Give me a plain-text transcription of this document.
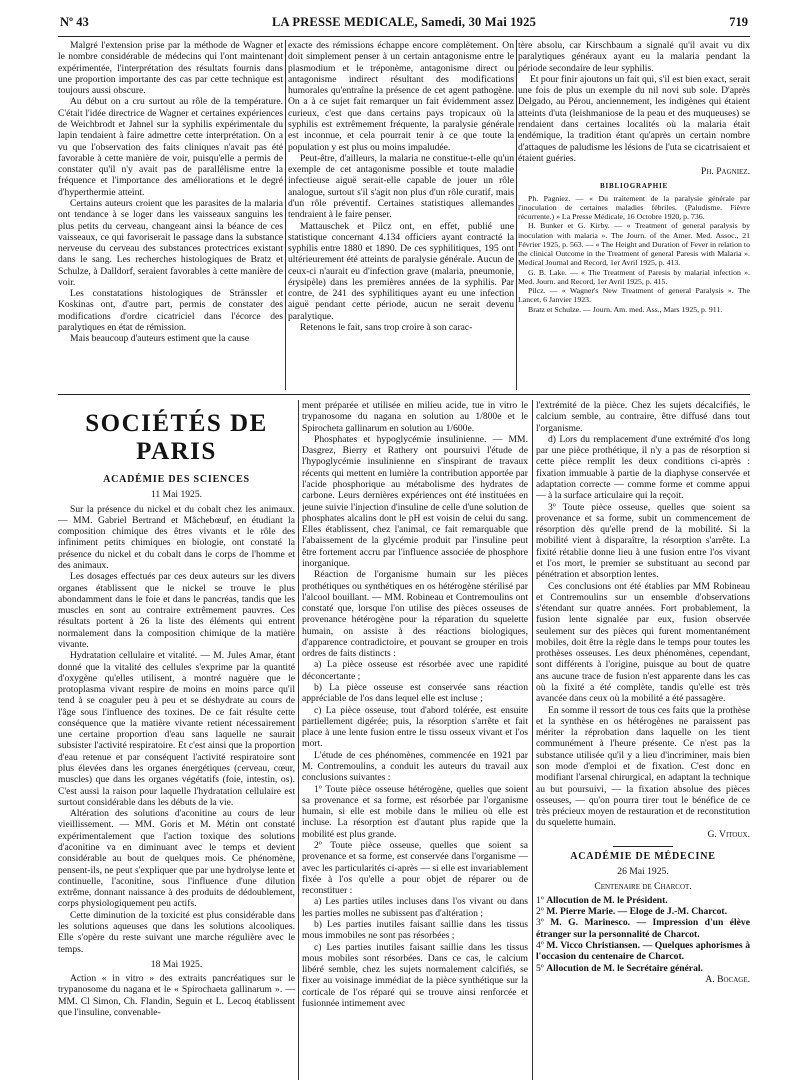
Nº 43	LA PRESSE MEDICALE, Samedi, 30 Mai 1925	719

Malgré l'extension prise par la méthode de Wagner et le nombre considérable de médecins qui l'ont maintenant expérimentée, l'interprétation des résultats fournis dans une proportion importante des cas par cette technique est toujours aussi obscure.

Au début on a cru surtout au rôle de la température. C'était l'idée directrice de Wagner et certaines expériences de Weichbrodt et Jahnel sur la syphilis expérimentale du lapin tendaient à faire admettre cette interprétation. On a vu que l'observation des faits cliniques n'avait pas été favorable à cette manière de voir, puisqu'elle a permis de constater qu'il n'y avait pas de parallélisme entre la fréquence et l'importance des améliorations et le degré d'hyperthermie atteint.

Certains auteurs croient que les parasites de la malaria ont tendance à se loger dans les vaisseaux sanguins les plus petits du cerveau, changeant ainsi la béance de ces vaisseaux, ce qui favoriserait le passage dans la substance nerveuse du cerveau des substances protectrices existant dans le sang. Les recherches histologiques de Bratz et Schulze, à Dalldorf, seraient favorables à cette manière de voir.

Les constatations histologiques de Stränssler et Koskinas ont, d'autre part, permis de constater des modifications d'ordre cicatriciel dans l'écorce des paralytiques en état de rémission.

Mais beaucoup d'auteurs estiment que la cause

exacte des rémissions échappe encore complètement. On doit simplement penser à un certain antagonisme entre le plasmodium et le tréponème, antagonisme direct ou antagonisme indirect résultant des modifications humorales qu'entraîne la présence de cet agent pathogène. On a à ce sujet fait remarquer un fait évidemment assez curieux, c'est que dans certains pays tropicaux où la syphilis est extrêmement fréquente, la paralysie générale est inconnue, et cela pourrait tenir à ce que toute la population y est plus ou moins impaludée.

Peut-être, d'ailleurs, la malaria ne constitue-t-elle qu'un exemple de cet antagonisme possible et toute maladie infectieuse aiguë serait-elle capable de jouer un rôle analogue, surtout s'il s'agit non plus d'un rôle curatif, mais d'un rôle préventif. Certaines statistiques allemandes tendraient à le faire penser.

Mattauschek et Pilcz ont, en effet, publié une statistique concernant 4.134 officiers ayant contracté la syphilis entre 1880 et 1890. De ces syphilitiques, 195 ont ultérieurement été atteints de paralysie générale. Aucun de ceux-ci n'aurait eu d'infection grave (malaria, pneumonie, érysipèle) dans les premières années de la syphilis. Par contre, de 241 des syphilitiques ayant eu une infection aiguë pendant cette période, aucun ne serait devenu paralytique.

Retenons le fait, sans trop croire à son carac-

tère absolu, car Kirschbaum a signalé qu'il avait vu dix paralytiques généraux ayant eu la malaria pendant la période secondaire de leur syphilis.

Et pour finir ajoutons un fait qui, s'il est bien exact, serait une fois de plus un exemple du nil novi sub sole. D'après Delgado, au Pérou, anciennement, les indigènes qui étaient atteints d'uta (leishmaniose de la peau et des muqueuses) se rendaient dans certaines localités où la malaria était endémique, la tradition étant qu'après un certain nombre d'attaques de paludisme les lésions de l'uta se cicatrisaient et étaient guéries.

Ph. Pagniez.
BIBLIOGRAPHIE

Ph. Pagniez. — « Du traitement de la paralysie générale par l'inoculation de certaines maladies fébriles. (Paludisme. Fièvre récurrente.) » La Presse Médicale, 16 Octobre 1920, p. 736.

H. Bunker et G. Kirby. — « Treatment of general paralysis by inoculation with malaria ». The Journ. of the Amer. Med. Assoc., 21 Février 1925, p. 563. — « The Height and Duration of Fever in relation to the clinical Outcome in the Treatment of general Paresis with Malaria ». Medical Journal and Record, 1er Avril 1925, p. 413.

G. B. Lake. — « The Treatment of Paresis by malarial infection ». Med. Journ. and Record, 1er Avril 1925, p. 415.

Pilcz. — « Wagner's New Treatment of general Paralysis ». The Lancet, 6 Janvier 1923.

Bratz et Schulze. — Journ. Am. med. Ass., Mars 1925, p. 911.

SOCIÉTÉS DE PARIS
ACADÉMIE DES SCIENCES
11 Mai 1925.

Sur la présence du nickel et du cobalt chez les animaux. — MM. Gabriel Bertrand et Mâchebœuf, en étudiant la composition chimique des êtres vivants et le rôle des infiniment petits chimiques en biologie, ont constaté la présence du nickel et du cobalt dans le corps de l'homme et des animaux.

Les dosages effectués par ces deux auteurs sur les divers organes établissent que le nickel se trouve le plus abondamment dans le foie et dans le pancréas, tandis que les muscles en sont au contraire extrêmement pauvres. Ces résultats portent à 26 la liste des éléments qui entrent normalement dans la composition chimique de la matière vivante.

Hydratation cellulaire et vitalité. — M. Jules Amar, étant donné que la vitalité des cellules s'exprime par la quantité d'oxygène qu'elles utilisent, a montré naguère que le protoplasma vivant respire de moins en moins parce qu'il tend à se coaguler peu à peu et se déshydrate au cours de l'âge sous l'influence des toxines. De ce fait résulte cette conséquence que la matière vivante retient nécessairement une certaine proportion d'eau sans laquelle ne saurait subsister l'activité respiratoire. Et c'est ainsi que la proportion d'eau retenue et par conséquent l'activité respiratoire sont plus élevées dans les organes énergétiques (cerveau, cœur, muscles) que dans les organes végétatifs (foie, intestin, os). C'est aussi la raison pour laquelle l'hydratation cellulaire est surtout considérable dans les débuts de la vie.

Altération des solutions d'aconitine au cours de leur vieillissement. — MM. Goris et M. Métin ont constaté expérimentalement que l'action toxique des solutions d'aconitine va en diminuant avec le temps et devient considérable au bout de quelques mois. Ce phénomène, pensent-ils, ne peut s'expliquer que par une hydrolyse lente et continuelle, l'aconitine, sous l'influence d'une dilution extrême, donnant naissance à des produits de dédoublement, corps physiologiquement peu actifs.

Cette diminution de la toxicité est plus considérable dans les solutions aqueuses que dans les solutions alcooliques. Elle s'opère du reste suivant une marche régulière avec le temps.

18 Mai 1925.

Action « in vitro » des extraits pancréatiques sur le trypanosome du nagana et le « Spirochaeta gallinarum ». — MM. Cl Simon, Ch. Flandin, Seguin et L. Lecoq établissent que l'insuline, convenable-

ment préparée et utilisée en milieu acide, tue in vitro le trypanosome du nagana en solution au 1/800e et le Spirocheta gallinarum en solution au 1/600e.

Phosphates et hypoglycémie insulinienne. — MM. Dasgrez, Bierry et Rathery ont poursuivi l'étude de l'hypoglycémie insulinienne en s'inspirant de travaux récents qui mettent en lumière la contribution apportée par l'acide phosphorique au métabolisme des hydrates de carbone. Leurs dernières expériences ont été instituées en jeune suivie l'injection d'insuline de celle d'une solution de phosphates alcalins dont le pH est voisin de celui du sang. Elles établissent, chez l'animal, ce fait remarquable que l'abaissement de la glycémie produit par l'insuline peut être fortement accru par l'influence associée de phosphore inorganique.

Réaction de l'organisme humain sur les pièces prothétiques ou synthétiques en os hétérogène stérilisé par l'alcool bouillant. — MM. Robineau et Contremoulins ont constaté que, lorsque l'on utilise des pièces osseuses de provenance hétérogène pour la réparation du squelette humain, on assiste à des réactions biologiques, d'apparence contradictoire, et pouvant se grouper en trois ordres de faits distincts :

a) La pièce osseuse est résorbée avec une rapidité déconcertante ;

b) La pièce osseuse est conservée sans réaction appréciable de l'os dans lequel elle est incluse ;

c) La pièce osseuse, tout d'abord tolérée, est ensuite partiellement digérée; puis, la résorption s'arrête et fait place à une lente fusion entre le tissu osseux vivant et l'os mort.

L'étude de ces phénomènes, commencée en 1921 par M. Contremoulins, a conduit les auteurs du travail aux conclusions suivantes :

1º Toute pièce osseuse hétérogène, quelles que soient sa provenance et sa forme, est résorbée par l'organisme humain, si elle est mobile dans le milieu où elle est incluse. La résorption est d'autant plus rapide que la mobilité est plus grande.

2º Toute pièce osseuse, quelles que soient sa provenance et sa forme, est conservée dans l'organisme — avec les particularités ci-après — si elle est invariablement fixée à l'os qu'elle a pour objet de réparer ou de reconstituer :

a) Les parties utiles incluses dans l'os vivant ou dans les parties molles ne subissent pas d'altération ;

b) Les parties inutiles faisant saillie dans les tissus mous immobiles ne sont pas résorbées ;

c) Les parties inutiles faisant saillie dans les tissus mous mobiles sont résorbées. Dans ce cas, le calcium libéré semble, chez les sujets normalement calcifiés, se fixer au voisinage immédiat de la pièce synthétique sur la corticale de l'os réparé qui se trouve ainsi renforcée et fusionnée intimement avec

l'extrémité de la pièce. Chez les sujets décalcifiés, le calcium semble, au contraire, être diffusé dans tout l'organisme.

d) Lors du remplacement d'une extrémité d'os long par une pièce prothétique, il n'y a pas de résorption si cette pièce remplit les deux conditions ci-après : fixation immuable à partie de la diaphyse conservée et adaptation correcte — comme forme et comme appui — à la surface articulaire qui la reçoit.

3º Toute pièce osseuse, quelles que soient sa provenance et sa forme, subit un commencement de résorption dès qu'elle prend de la mobilité. Si la mobilité vient à disparaître, la résorption s'arrête. La fixité rétablie donne lieu à une fusion entre l'os vivant et l'os mort, le premier se substituant au second par pénétration et absorption lentes.

Ces conclusions ont été établies par MM Robineau et Contremoulins sur un ensemble d'observations s'étendant sur quatre années. Fort probablement, la fusion lente signalée par eux, fusion observée seulement sur des pièces qui furent momentanément mobiles, doit être la règle dans le temps pour toutes les prothèses osseuses. Les deux phénomènes, cependant, sont différents à l'origine, puisque au bout de quatre ans aucune trace de fusion n'est apparente dans les cas où la fixité a été complète, tandis qu'elle est très avancée dans ceux où la mobilité a été passagère.

En somme il ressort de tous ces faits que la prothèse et la synthèse en os hétérogènes ne paraissent pas mériter la réprobation dans laquelle on les tient communément à l'heure présente. Ce n'est pas la substance utilisée qu'il y a lieu d'incriminer, mais bien son mode d'emploi et de fixation. C'est donc en modifiant l'arsenal chirurgical, en adaptant la technique au but poursuivi, — la fixation absolue des pièces osseuses, — qu'on pourra tirer tout le bénéfice de ce très précieux moyen de restauration et de reconstitution du squelette humain.

G. Vitoux.
ACADÉMIE DE MÉDECINE
26 Mai 1925.
Centenaire de Charcot.

1º Allocution de M. le Président.

2º M. Pierre Marie. — Eloge de J.-M. Charcot.

3º M. G. Marinesco. — Impression d'un élève étranger sur la personnalité de Charcot.

4º M. Vicco Christiansen. — Quelques aphorismes à l'occasion du centenaire de Charcot.

5º Allocution de M. le Secrétaire général.

A. Bocage.
